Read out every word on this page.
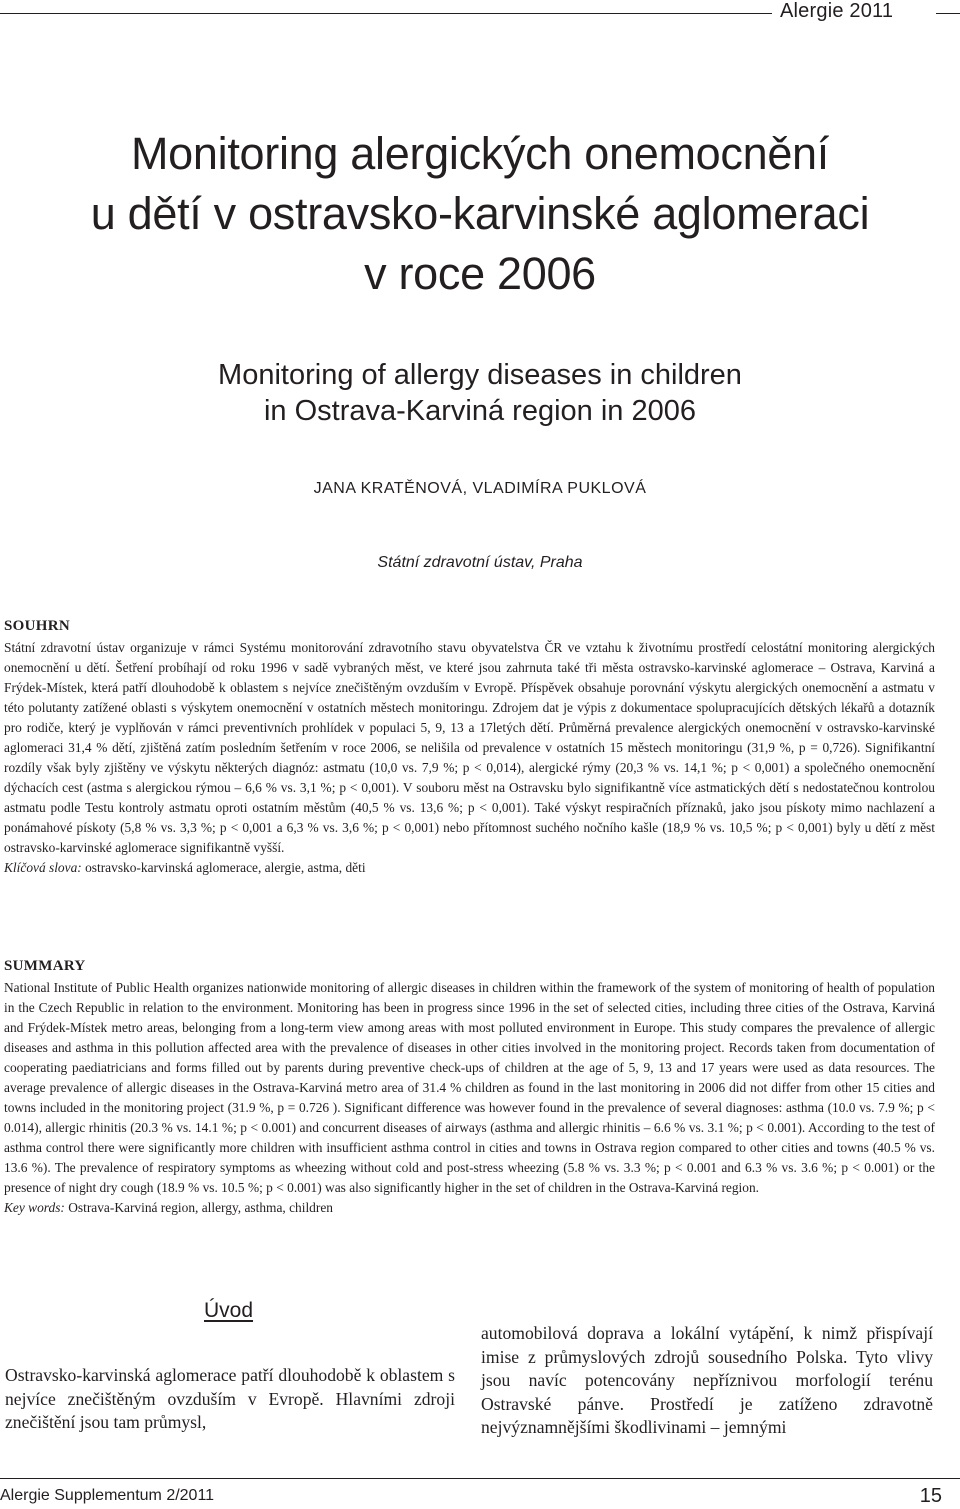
Alergie 2011
Monitoring alergických onemocnění
u dětí v ostravsko-karvinské aglomeraci
v roce 2006
Monitoring of allergy diseases in children
in Ostrava-Karviná region in 2006
JANA KRATĚNOVÁ, VLADIMÍRA PUKLOVÁ
Státní zdravotní ústav, Praha
SOUHRN

Státní zdravotní ústav organizuje v rámci Systému monitorování zdravotního stavu obyvatelstva ČR ve vztahu k životnímu prostředí celostátní monitoring alergických onemocnění u dětí. Šetření probíhají od roku 1996 v sadě vybraných měst, ve které jsou zahrnuta také tři města ostravsko-karvinské aglomerace – Ostrava, Karviná a Frýdek-Místek, která patří dlouhodobě k oblastem s nejvíce znečištěným ovzduším v Evropě. Příspěvek obsahuje porovnání výskytu alergických onemocnění a astmatu v této polutanty zatížené oblasti s výskytem onemocnění v ostatních městech monitoringu. Zdrojem dat je výpis z dokumentace spolupracujících dětských lékařů a dotazník pro rodiče, který je vyplňován v rámci preventivních prohlídek v populaci 5, 9, 13 a 17letých dětí. Průměrná prevalence alergických onemocnění v ostravsko-karvinské aglomeraci 31,4 % dětí, zjištěná zatím posledním šetřením v roce 2006, se nelišila od prevalence v ostatních 15 městech monitoringu (31,9 %, p = 0,726). Signifikantní rozdíly však byly zjištěny ve výskytu některých diagnóz: astmatu (10,0 vs. 7,9 %; p < 0,014), alergické rýmy (20,3 % vs. 14,1 %; p < 0,001) a společného onemocnění dýchacích cest (astma s alergickou rýmou – 6,6 % vs. 3,1 %; p < 0,001). V souboru měst na Ostravsku bylo signifikantně více astmatických dětí s nedostatečnou kontrolou astmatu podle Testu kontroly astmatu oproti ostatním městům (40,5 % vs. 13,6 %; p < 0,001). Také výskyt respiračních příznaků, jako jsou pískoty mimo nachlazení a ponámahové pískoty (5,8 % vs. 3,3 %; p < 0,001 a 6,3 % vs. 3,6 %; p < 0,001) nebo přítomnost suchého nočního kašle (18,9 % vs. 10,5 %; p < 0,001) byly u dětí z měst ostravsko-karvinské aglomerace signifikantně vyšší.

Klíčová slova: ostravsko-karvinská aglomerace, alergie, astma, děti

SUMMARY

National Institute of Public Health organizes nationwide monitoring of allergic diseases in children within the framework of the system of monitoring of health of population in the Czech Republic in relation to the environment. Monitoring has been in progress since 1996 in the set of selected cities, including three cities of the Ostrava, Karviná and Frýdek-Místek metro areas, belonging from a long-term view among areas with most polluted environment in Europe. This study compares the prevalence of allergic diseases and asthma in this pollution affected area with the prevalence of diseases in other cities involved in the monitoring project. Records taken from documentation of cooperating paediatricians and forms filled out by parents during preventive check-ups of children at the age of 5, 9, 13 and 17 years were used as data resources. The average prevalence of allergic diseases in the Ostrava-Karviná metro area of 31.4 % children as found in the last monitoring in 2006 did not differ from other 15 cities and towns included in the monitoring project (31.9 %, p = 0.726 ). Significant difference was however found in the prevalence of several diagnoses: asthma (10.0 vs. 7.9 %; p < 0.014), allergic rhinitis (20.3 % vs. 14.1 %; p < 0.001) and concurrent diseases of airways (asthma and allergic rhinitis – 6.6 % vs. 3.1 %; p < 0.001). According to the test of asthma control there were significantly more children with insufficient asthma control in cities and towns in Ostrava region compared to other cities and towns (40.5 % vs. 13.6 %). The prevalence of respiratory symptoms as wheezing without cold and post-stress wheezing (5.8 % vs. 3.3 %; p < 0.001 and 6.3 % vs. 3.6 %; p < 0.001) or the presence of night dry cough (18.9 % vs. 10.5 %; p < 0.001) was also significantly higher in the set of children in the Ostrava-Karviná region.

Key words: Ostrava-Karviná region, allergy, asthma, children

Úvod

Ostravsko-karvinská aglomerace patří dlouhodobě k oblastem s nejvíce znečištěným ovzduším v Evropě. Hlavními zdroji znečištění jsou tam průmysl,

automobilová doprava a lokální vytápění, k nimž přispívají imise z průmyslových zdrojů sousedního Polska. Tyto vlivy jsou navíc potencovány nepříznivou morfologií terénu Ostravské pánve. Prostředí je zatíženo zdravotně nejvýznamnějšími škodlivinami – jemnými

Alergie Supplementum 2/2011	15
